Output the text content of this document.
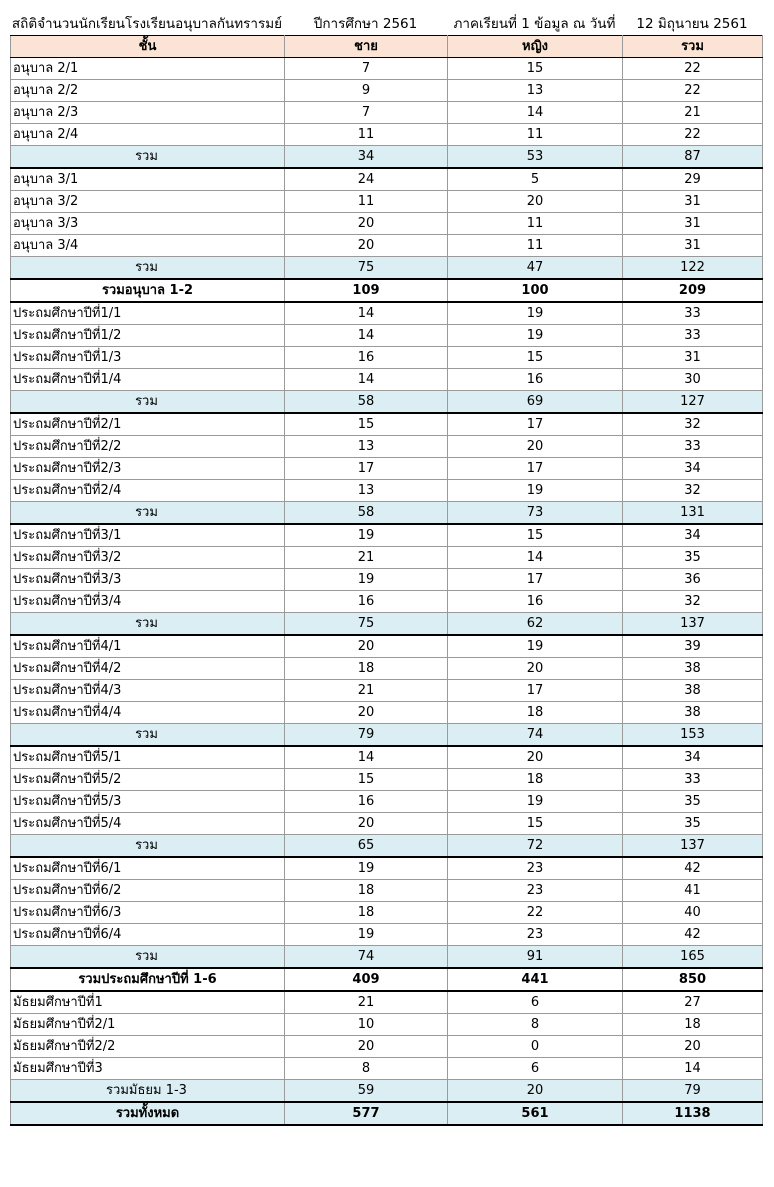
สถิติจำนวนนักเรียนโรงเรียนอนุบาลกันทรารมย์	ปีการศึกษา 2561	ภาคเรียนที่ 1 ข้อมูล ณ วันที่	12 มิถุนายน 2561
ชั้น	ชาย	หญิง	รวม
อนุบาล 2/1	7	15	22
อนุบาล 2/2	9	13	22
อนุบาล 2/3	7	14	21
อนุบาล 2/4	11	11	22
รวม	34	53	87
อนุบาล 3/1	24	5	29
อนุบาล 3/2	11	20	31
อนุบาล 3/3	20	11	31
อนุบาล 3/4	20	11	31
รวม	75	47	122
รวมอนุบาล 1-2	109	100	209
ประถมศึกษาปีที่1/1	14	19	33
ประถมศึกษาปีที่1/2	14	19	33
ประถมศึกษาปีที่1/3	16	15	31
ประถมศึกษาปีที่1/4	14	16	30
รวม	58	69	127
ประถมศึกษาปีที่2/1	15	17	32
ประถมศึกษาปีที่2/2	13	20	33
ประถมศึกษาปีที่2/3	17	17	34
ประถมศึกษาปีที่2/4	13	19	32
รวม	58	73	131
ประถมศึกษาปีที่3/1	19	15	34
ประถมศึกษาปีที่3/2	21	14	35
ประถมศึกษาปีที่3/3	19	17	36
ประถมศึกษาปีที่3/4	16	16	32
รวม	75	62	137
ประถมศึกษาปีที่4/1	20	19	39
ประถมศึกษาปีที่4/2	18	20	38
ประถมศึกษาปีที่4/3	21	17	38
ประถมศึกษาปีที่4/4	20	18	38
รวม	79	74	153
ประถมศึกษาปีที่5/1	14	20	34
ประถมศึกษาปีที่5/2	15	18	33
ประถมศึกษาปีที่5/3	16	19	35
ประถมศึกษาปีที่5/4	20	15	35
รวม	65	72	137
ประถมศึกษาปีที่6/1	19	23	42
ประถมศึกษาปีที่6/2	18	23	41
ประถมศึกษาปีที่6/3	18	22	40
ประถมศึกษาปีที่6/4	19	23	42
รวม	74	91	165
รวมประถมศึกษาปีที่ 1-6	409	441	850
มัธยมศึกษาปีที่1	21	6	27
มัธยมศึกษาปีที่2/1	10	8	18
มัธยมศึกษาปีที่2/2	20	0	20
มัธยมศึกษาปีที่3	8	6	14
รวมมัธยม 1-3	59	20	79
รวมทั้งหมด	577	561	1138
